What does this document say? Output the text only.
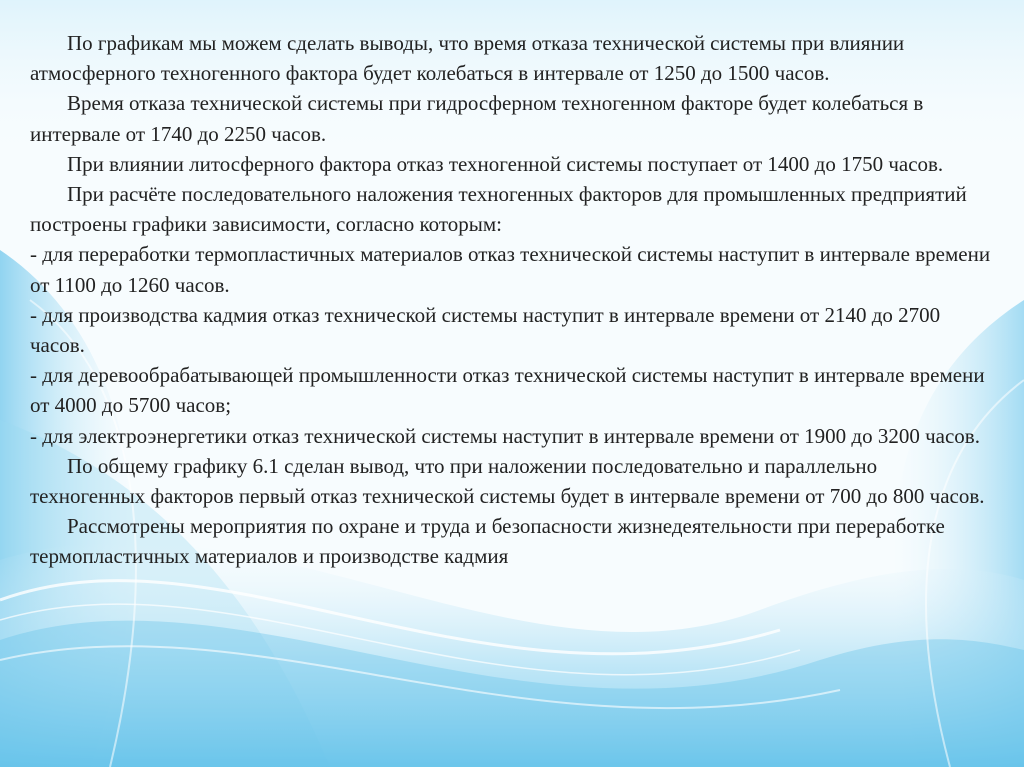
По графикам мы можем сделать выводы, что время отказа технической системы при влиянии атмосферного техногенного фактора будет колебаться в интервале от 1250 до 1500 часов.

Время отказа технической системы при гидросферном техногенном факторе будет колебаться в интервале от 1740 до 2250 часов.

При влиянии литосферного фактора отказ техногенной системы поступает от 1400 до 1750 часов.

При расчёте последовательного наложения техногенных факторов для промышленных предприятий построены графики зависимости, согласно которым:

- для переработки термопластичных материалов отказ технической системы наступит в интервале времени от 1100 до 1260 часов.

- для производства кадмия отказ технической системы наступит в интервале времени от 2140 до 2700 часов.

- для деревообрабатывающей промышленности отказ технической системы наступит в интервале времени от 4000 до 5700 часов;

- для электроэнергетики отказ технической системы наступит в интервале времени от 1900 до 3200 часов.

По общему графику 6.1 сделан вывод, что при наложении последовательно и параллельно техногенных факторов первый отказ технической системы будет в интервале времени от 700 до 800 часов.

Рассмотрены мероприятия по охране и труда и безопасности жизнедеятельности при переработке термопластичных материалов и производстве кадмия
